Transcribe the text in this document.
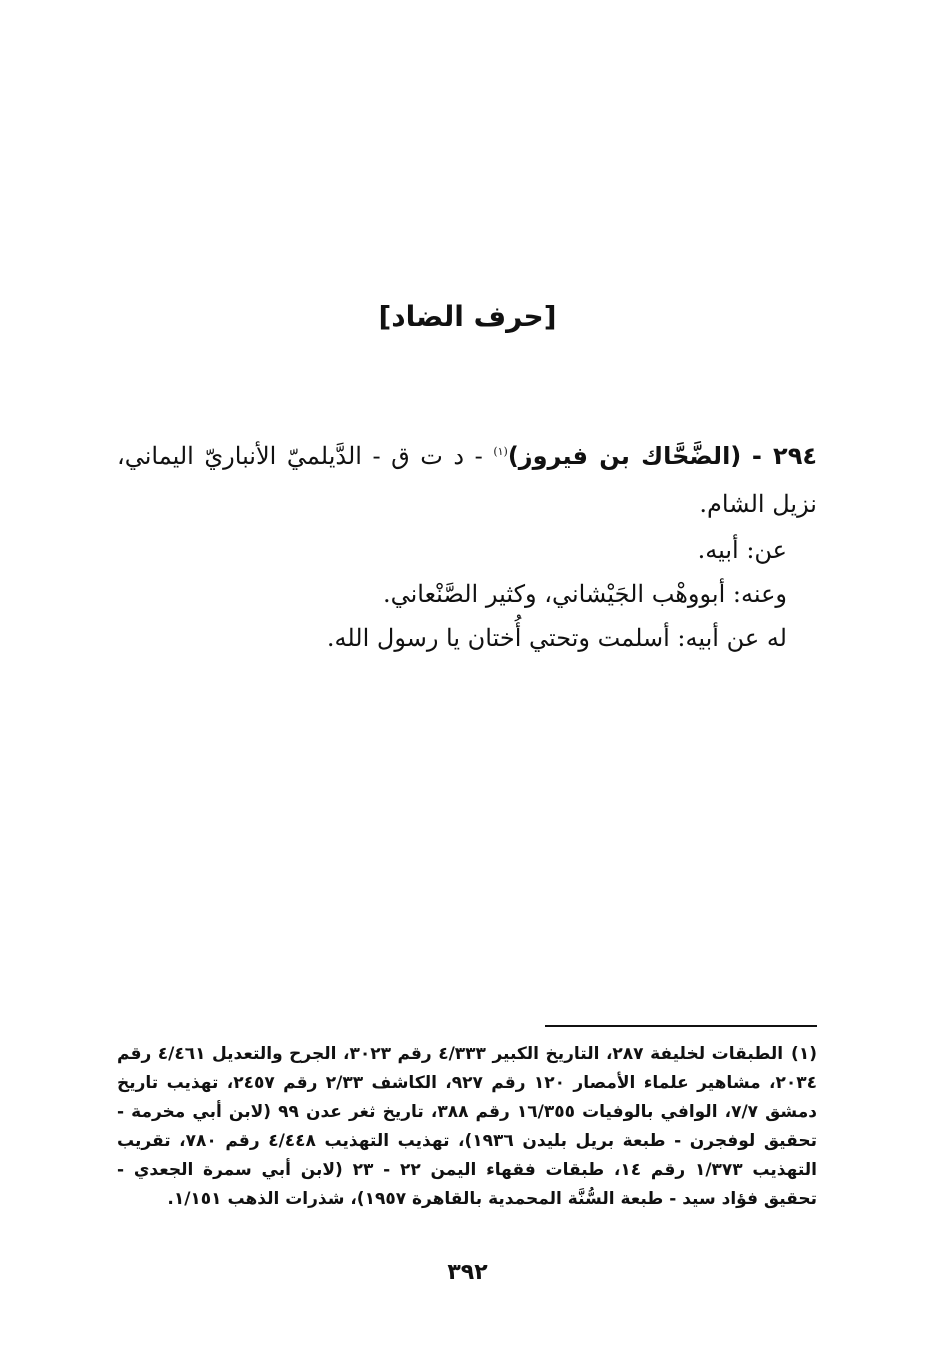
[حرف الضاد]
٢٩٤ - (الضَّحَّاك بن فيروز)$^{(١)}$ - د ت ق - الدَّيلميّ الأنباريّ اليماني، نزيل الشام.
عن: أبيه.
وعنه: أبووهْب الجَيْشاني، وكثير الصَّنْعاني.
له عن أبيه: أسلمت وتحتي أُختان يا رسول الله.
(١)الطبقات لخليفة ٢٨٧، التاريخ الكبير ٤/٣٣٣ رقم ٣٠٢٣، الجرح والتعديل ٤/٤٦١ رقم ٢٠٣٤، مشاهير علماء الأمصار ١٢٠ رقم ٩٢٧، الكاشف ٢/٣٣ رقم ٢٤٥٧، تهذيب تاريخ دمشق ٧/٧، الوافي بالوفيات ١٦/٣٥٥ رقم ٣٨٨، تاريخ ثغر عدن ٩٩ (لابن أبي مخرمة - تحقيق لوفجرن - طبعة بريل بليدن ١٩٣٦)، تهذيب التهذيب ٤/٤٤٨ رقم ٧٨٠، تقريب التهذيب ١/٣٧٣ رقم ١٤، طبقات فقهاء اليمن ٢٢ - ٢٣ (لابن أبي سمرة الجعدي - تحقيق فؤاد سيد - طبعة السُّنَّة المحمدية بالقاهرة ١٩٥٧)، شذرات الذهب ١/١٥١.
٣٩٢
